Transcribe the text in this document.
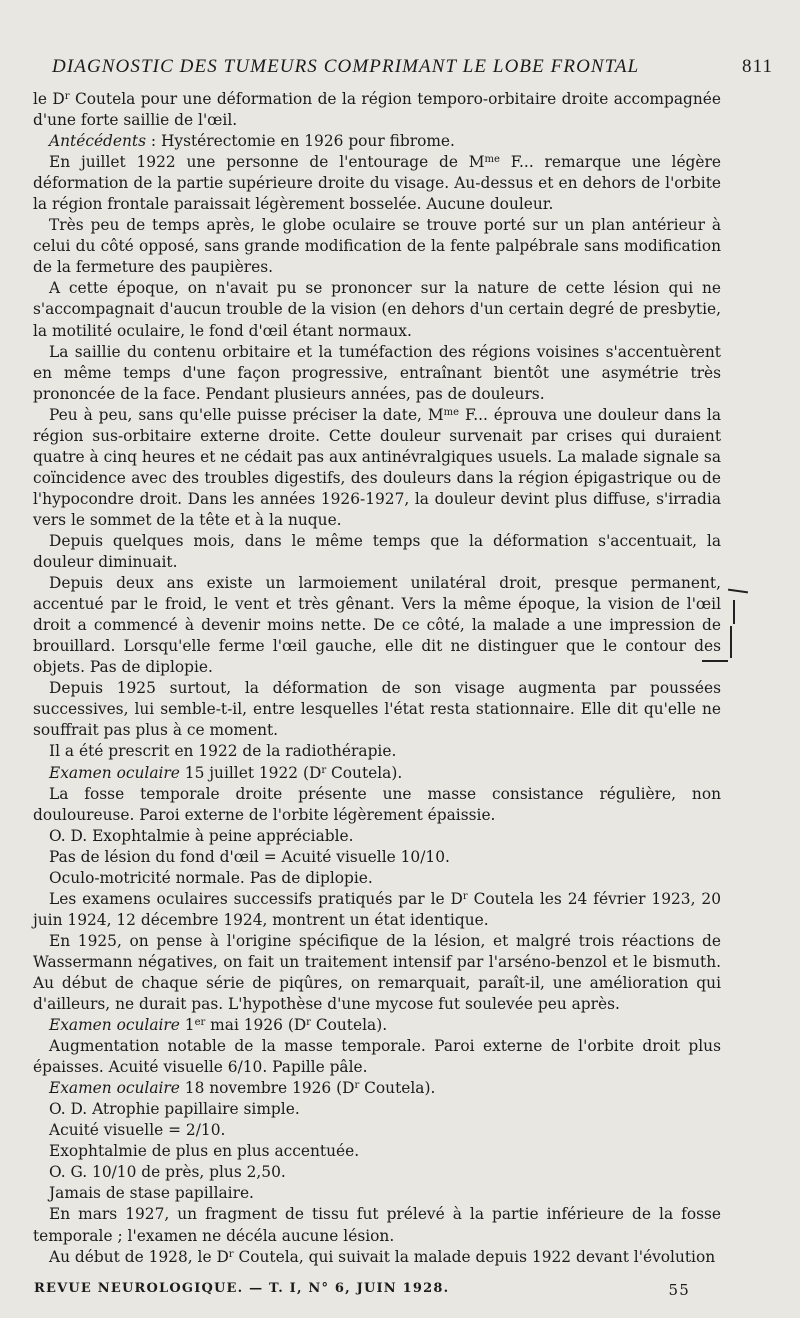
DIAGNOSTIC DES TUMEURS COMPRIMANT LE LOBE FRONTAL	811

le $D^r$ Coutela pour une déformation de la région temporo-orbitaire droite accompagnée d'une forte saillie de l'œil.

Antécédents : Hystérectomie en 1926 pour fibrome.

En juillet 1922 une personne de l'entourage de $M^{me}$ F... remarque une légère déformation de la partie supérieure droite du visage. Au-dessus et en dehors de l'orbite la région frontale paraissait légèrement bosselée. Aucune douleur.

Très peu de temps après, le globe oculaire se trouve porté sur un plan antérieur à celui du côté opposé, sans grande modification de la fente palpébrale sans modification de la fermeture des paupières.

A cette époque, on n'avait pu se prononcer sur la nature de cette lésion qui ne s'accompagnait d'aucun trouble de la vision (en dehors d'un certain degré de presbytie, la motilité oculaire, le fond d'œil étant normaux.

La saillie du contenu orbitaire et la tuméfaction des régions voisines s'accentuèrent en même temps d'une façon progressive, entraînant bientôt une asymétrie très prononcée de la face. Pendant plusieurs années, pas de douleurs.

Peu à peu, sans qu'elle puisse préciser la date, $M^{me}$ F... éprouva une douleur dans la région sus-orbitaire externe droite. Cette douleur survenait par crises qui duraient quatre à cinq heures et ne cédait pas aux antinévralgiques usuels. La malade signale sa coïncidence avec des troubles digestifs, des douleurs dans la région épigastrique ou de l'hypocondre droit. Dans les années 1926-1927, la douleur devint plus diffuse, s'irradia vers le sommet de la tête et à la nuque.

Depuis quelques mois, dans le même temps que la déformation s'accentuait, la douleur diminuait.

Depuis deux ans existe un larmoiement unilatéral droit, presque permanent, accentué par le froid, le vent et très gênant. Vers la même époque, la vision de l'œil droit a commencé à devenir moins nette. De ce côté, la malade a une impression de brouillard. Lorsqu'elle ferme l'œil gauche, elle dit ne distinguer que le contour des objets. Pas de diplopie.

Depuis 1925 surtout, la déformation de son visage augmenta par poussées successives, lui semble-t-il, entre lesquelles l'état resta stationnaire. Elle dit qu'elle ne souffrait pas plus à ce moment.

Il a été prescrit en 1922 de la radiothérapie.

Examen oculaire 15 juillet 1922 ($D^r$ Coutela).

La fosse temporale droite présente une masse consistance régulière, non douloureuse. Paroi externe de l'orbite légèrement épaissie.

O. D. Exophtalmie à peine appréciable.

Pas de lésion du fond d'œil = Acuité visuelle 10/10.

Oculo-motricité normale. Pas de diplopie.

Les examens oculaires successifs pratiqués par le $D^r$ Coutela les 24 février 1923, 20 juin 1924, 12 décembre 1924, montrent un état identique.

En 1925, on pense à l'origine spécifique de la lésion, et malgré trois réactions de Wassermann négatives, on fait un traitement intensif par l'arséno-benzol et le bismuth. Au début de chaque série de piqûres, on remarquait, paraît-il, une amélioration qui d'ailleurs, ne durait pas. L'hypothèse d'une mycose fut soulevée peu après.

Examen oculaire 1er mai 1926 ($D^r$ Coutela).

Augmentation notable de la masse temporale. Paroi externe de l'orbite droit plus épaisses. Acuité visuelle 6/10. Papille pâle.

Examen oculaire 18 novembre 1926 ($D^r$ Coutela).

O. D. Atrophie papillaire simple.

Acuité visuelle = 2/10.

Exophtalmie de plus en plus accentuée.

O. G. 10/10 de près, plus 2,50.

Jamais de stase papillaire.

En mars 1927, un fragment de tissu fut prélevé à la partie inférieure de la fosse temporale ; l'examen ne décéla aucune lésion.

Au début de 1928, le $D^r$ Coutela, qui suivait la malade depuis 1922 devant l'évolution

REVUE NEUROLOGIQUE. — T. I, N° 6, JUIN 1928.	55
